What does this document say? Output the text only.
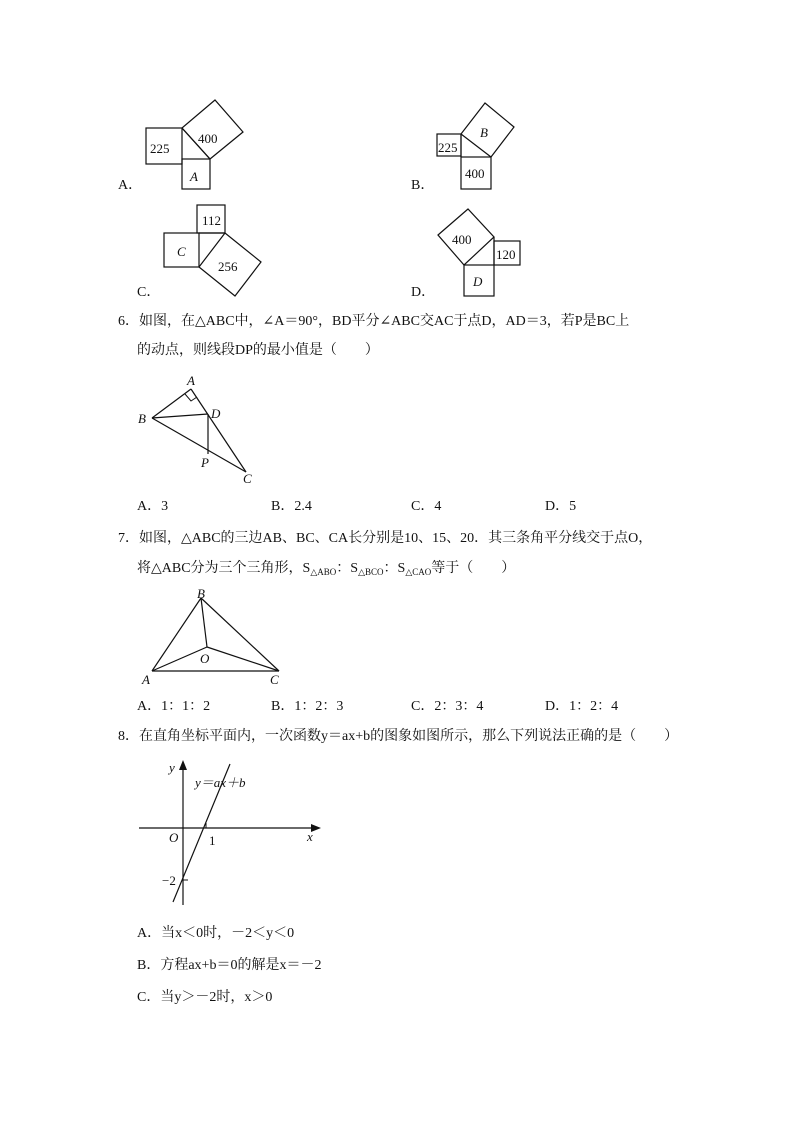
225
400
A
A．
225
B
400
B．
112
C
256
C．
400
120
D
D．
6．如图，在△ABC中，∠A＝90°，BD平分∠ABC交AC于点D，AD＝3，若P是BC上
的动点，则线段DP的最小值是（　　）
A
B
C
D
P
A．3	B．2.4	C．4	D．5
7．如图，△ABC的三边AB、BC、CA长分别是10、15、20．其三条角平分线交于点O，
将△ABC分为三个三角形，$S_{\triangle ABO}$：$S_{\triangle BCO}$：$S_{\triangle CAO}$等于（　　）
B
A	C
O
A．1：1：2	B．1：2：3	C．2：3：4	D．1：2：4
8．在直角坐标平面内，一次函数y＝ax+b的图象如图所示，那么下列说法正确的是（　　）
y
y＝ax＋b
O 1	x
−2
A．当x＜0时，－2＜y＜0
B．方程ax+b＝0的解是x＝－2
C．当y＞－2时，x＞0
